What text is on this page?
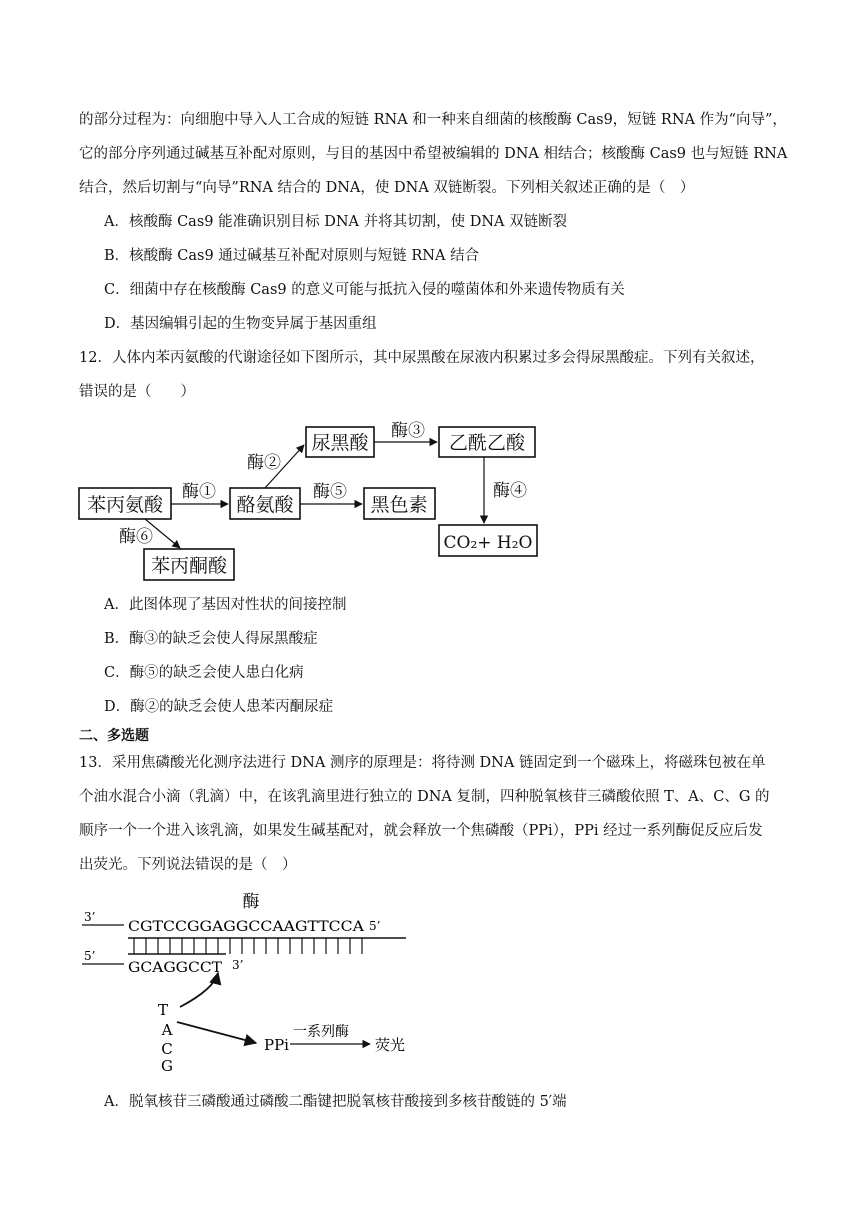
的部分过程为：向细胞中导入人工合成的短链 RNA 和一种来自细菌的核酸酶 Cas9，短链 RNA 作为“向导”，
它的部分序列通过碱基互补配对原则，与目的基因中希望被编辑的 DNA 相结合；核酸酶 Cas9 也与短链 RNA
结合，然后切割与“向导”RNA 结合的 DNA，使 DNA 双链断裂。下列相关叙述正确的是（　）
A．核酸酶 Cas9 能准确识别目标 DNA 并将其切割，使 DNA 双链断裂
B．核酸酶 Cas9 通过碱基互补配对原则与短链 RNA 结合
C．细菌中存在核酸酶 Cas9 的意义可能与抵抗入侵的噬菌体和外来遗传物质有关
D．基因编辑引起的生物变异属于基因重组
12．人体内苯丙氨酸的代谢途径如下图所示，其中尿黑酸在尿液内积累过多会得尿黑酸症。下列有关叙述，
错误的是（　　）
苯丙氨酸	酪氨酸
尿黑酸	乙酰乙酸
黑色素
苯丙酮酸
CO₂+ H₂O
酶①
酶②
酶③
酶④
酶⑤
酶⑥
A．此图体现了基因对性状的间接控制
B．酶③的缺乏会使人得尿黑酸症
C．酶⑤的缺乏会使人患白化病
D．酶②的缺乏会使人患苯丙酮尿症
二、多选题
13．采用焦磷酸光化测序法进行 DNA 测序的原理是：将待测 DNA 链固定到一个磁珠上，将磁珠包被在单
个油水混合小滴（乳滴）中，在该乳滴里进行独立的 DNA 复制，四种脱氧核苷三磷酸依照 T、A、C、G 的
顺序一个一个进入该乳滴，如果发生碱基配对，就会释放一个焦磷酸（PPi），PPi 经过一系列酶促反应后发
出荧光。下列说法错误的是（　）
酶
3’
CGTCCGGAGGCCAAGTTCCA 5’
5’
GCAGGCCT 3’
T
A
C
G
PPi
一系列酶
荧光
A．脱氧核苷三磷酸通过磷酸二酯键把脱氧核苷酸接到多核苷酸链的 5′端
